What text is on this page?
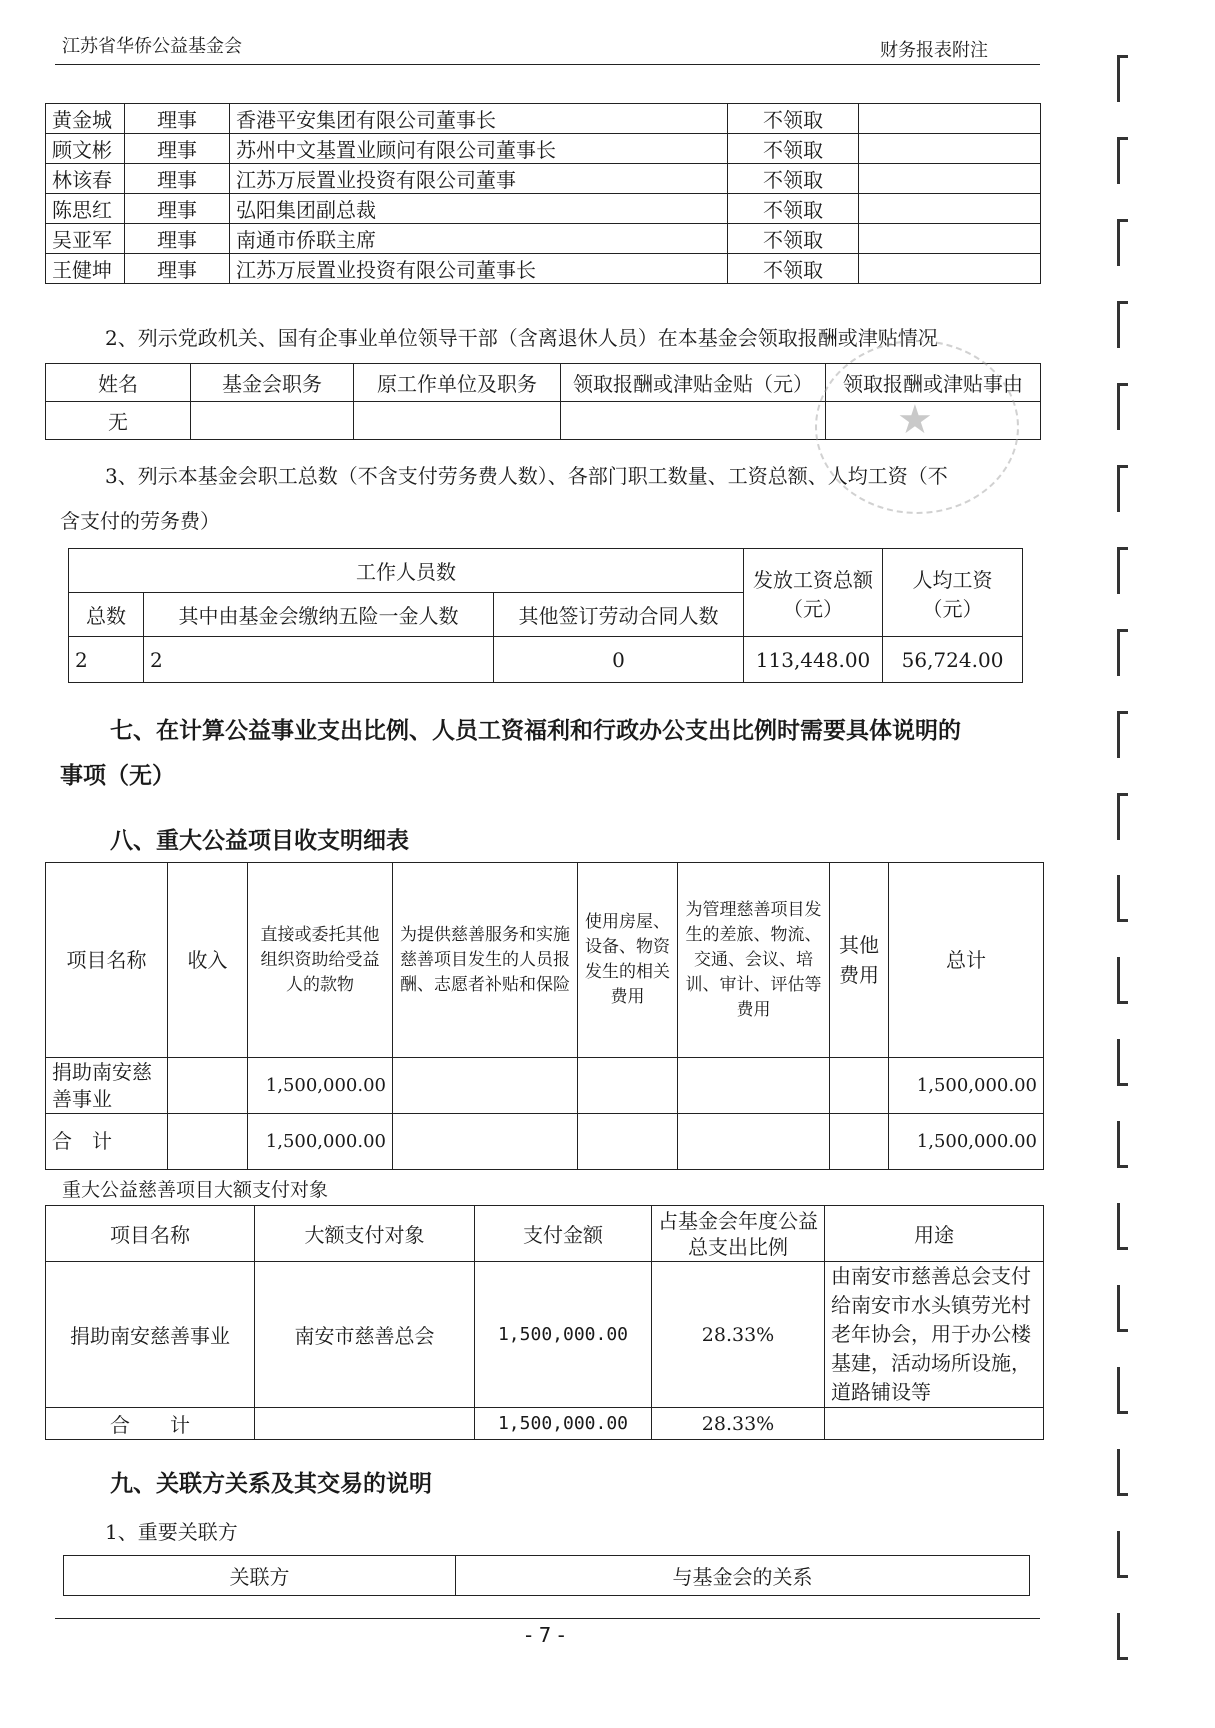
江苏省华侨公益基金会	财务报表附注
黄金城	理事	香港平安集团有限公司董事长	不领取	
顾文彬	理事	苏州中文基置业顾问有限公司董事长	不领取	
林该春	理事	江苏万辰置业投资有限公司董事	不领取	
陈思红	理事	弘阳集团副总裁	不领取	
吴亚军	理事	南通市侨联主席	不领取	
王健坤	理事	江苏万辰置业投资有限公司董事长	不领取	
2、列示党政机关、国有企事业单位领导干部（含离退休人员）在本基金会领取报酬或津贴情况
姓名	基金会职务	原工作单位及职务	领取报酬或津贴金贴（元）	领取报酬或津贴事由
无				
★
3、列示本基金会职工总数（不含支付劳务费人数）、各部门职工数量、工资总额、人均工资（不
含支付的劳务费）
工作人员数			发放工资总额（元）	人均工资（元）
总数	其中由基金会缴纳五险一金人数	其他签订劳动合同人数		
2	2	0	113,448.00	56,724.00
七、在计算公益事业支出比例、人员工资福利和行政办公支出比例时需要具体说明的
事项（无）
八、重大公益项目收支明细表
项目名称	收入	直接或委托其他组织资助给受益人的款物	为提供慈善服务和实施慈善项目发生的人员报酬、志愿者补贴和保险	使用房屋、设备、物资发生的相关费用	为管理慈善项目发生的差旅、物流、交通、会议、培训、审计、评估等费用	其他费用	总计
捐助南安慈善事业		1,500,000.00					1,500,000.00
合　计		1,500,000.00					1,500,000.00
重大公益慈善项目大额支付对象
项目名称	大额支付对象	支付金额	占基金会年度公益总支出比例	用途
捐助南安慈善事业	南安市慈善总会	1,500,000.00	28.33%	由南安市慈善总会支付给南安市水头镇劳光村老年协会，用于办公楼基建，活动场所设施，道路铺设等
合　　计		1,500,000.00	28.33%	
九、关联方关系及其交易的说明
1、重要关联方
关联方	与基金会的关系
- 7 -
